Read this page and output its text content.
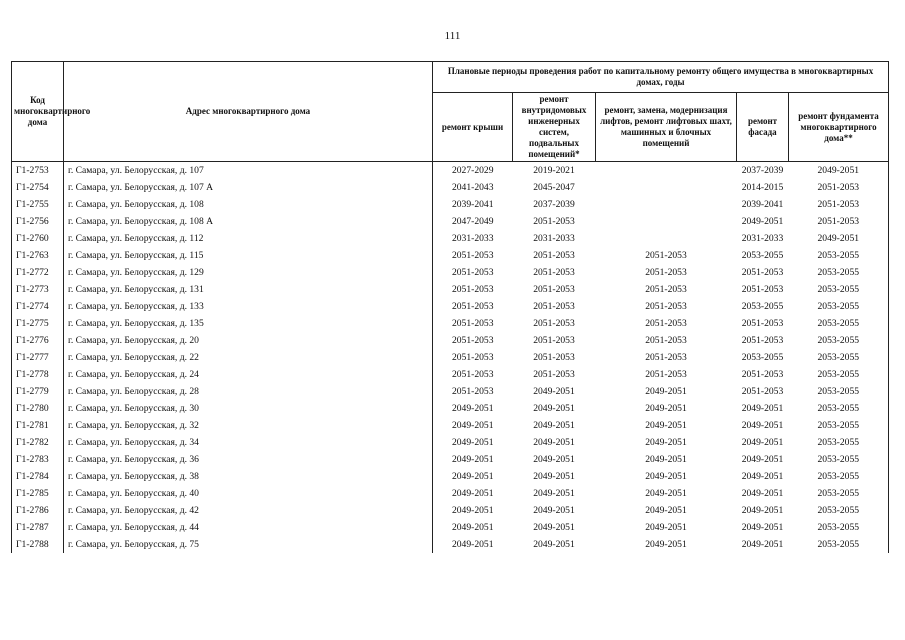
111
Код многоквартирного дома	Адрес многоквартирного дома	Плановые периоды проведения работ по капитальному ремонту общего имущества в многоквартирных домах, годы				
		ремонт крыши	ремонт внутридомовых инженерных систем, подвальных помещений*	ремонт, замена, модернизация лифтов, ремонт лифтовых шахт, машинных и блочных помещений	ремонт фасада	ремонт фундамента многоквартирного дома**
Г1-2753	г. Самара, ул. Белорусская, д. 107	2027-2029	2019-2021		2037-2039	2049-2051
Г1-2754	г. Самара, ул. Белорусская, д. 107 А	2041-2043	2045-2047		2014-2015	2051-2053
Г1-2755	г. Самара, ул. Белорусская, д. 108	2039-2041	2037-2039		2039-2041	2051-2053
Г1-2756	г. Самара, ул. Белорусская, д. 108 А	2047-2049	2051-2053		2049-2051	2051-2053
Г1-2760	г. Самара, ул. Белорусская, д. 112	2031-2033	2031-2033		2031-2033	2049-2051
Г1-2763	г. Самара, ул. Белорусская, д. 115	2051-2053	2051-2053	2051-2053	2053-2055	2053-2055
Г1-2772	г. Самара, ул. Белорусская, д. 129	2051-2053	2051-2053	2051-2053	2051-2053	2053-2055
Г1-2773	г. Самара, ул. Белорусская, д. 131	2051-2053	2051-2053	2051-2053	2051-2053	2053-2055
Г1-2774	г. Самара, ул. Белорусская, д. 133	2051-2053	2051-2053	2051-2053	2053-2055	2053-2055
Г1-2775	г. Самара, ул. Белорусская, д. 135	2051-2053	2051-2053	2051-2053	2051-2053	2053-2055
Г1-2776	г. Самара, ул. Белорусская, д. 20	2051-2053	2051-2053	2051-2053	2051-2053	2053-2055
Г1-2777	г. Самара, ул. Белорусская, д. 22	2051-2053	2051-2053	2051-2053	2053-2055	2053-2055
Г1-2778	г. Самара, ул. Белорусская, д. 24	2051-2053	2051-2053	2051-2053	2051-2053	2053-2055
Г1-2779	г. Самара, ул. Белорусская, д. 28	2051-2053	2049-2051	2049-2051	2051-2053	2053-2055
Г1-2780	г. Самара, ул. Белорусская, д. 30	2049-2051	2049-2051	2049-2051	2049-2051	2053-2055
Г1-2781	г. Самара, ул. Белорусская, д. 32	2049-2051	2049-2051	2049-2051	2049-2051	2053-2055
Г1-2782	г. Самара, ул. Белорусская, д. 34	2049-2051	2049-2051	2049-2051	2049-2051	2053-2055
Г1-2783	г. Самара, ул. Белорусская, д. 36	2049-2051	2049-2051	2049-2051	2049-2051	2053-2055
Г1-2784	г. Самара, ул. Белорусская, д. 38	2049-2051	2049-2051	2049-2051	2049-2051	2053-2055
Г1-2785	г. Самара, ул. Белорусская, д. 40	2049-2051	2049-2051	2049-2051	2049-2051	2053-2055
Г1-2786	г. Самара, ул. Белорусская, д. 42	2049-2051	2049-2051	2049-2051	2049-2051	2053-2055
Г1-2787	г. Самара, ул. Белорусская, д. 44	2049-2051	2049-2051	2049-2051	2049-2051	2053-2055
Г1-2788	г. Самара, ул. Белорусская, д. 75	2049-2051	2049-2051	2049-2051	2049-2051	2053-2055
